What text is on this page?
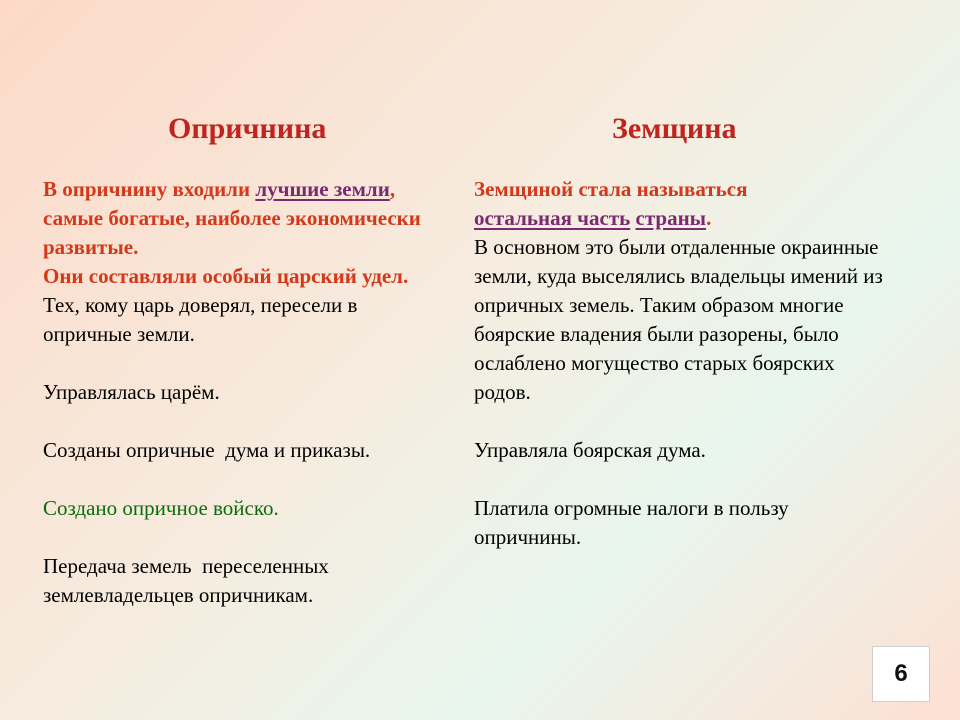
Опричнина	Земщина
В опричнину входили лучшие земли, самые богатые, наиболее экономически развитые.
Они составляли особый царский удел.
Тех, кому царь доверял, пересели в опричные земли.
Управлялась царём.
Созданы опричные  дума и приказы.
Создано опричное войско.
Передача земель  переселенных землевладельцев опричникам.
Земщиной стала называться
остальная часть страны.
В основном это были отдаленные окраинные земли, куда выселялись владельцы имений из опричных земель. Таким образом многие боярские владения были разорены, было ослаблено могущество старых боярских родов.
Управляла боярская дума.
Платила огромные налоги в пользу опричнины.
6
